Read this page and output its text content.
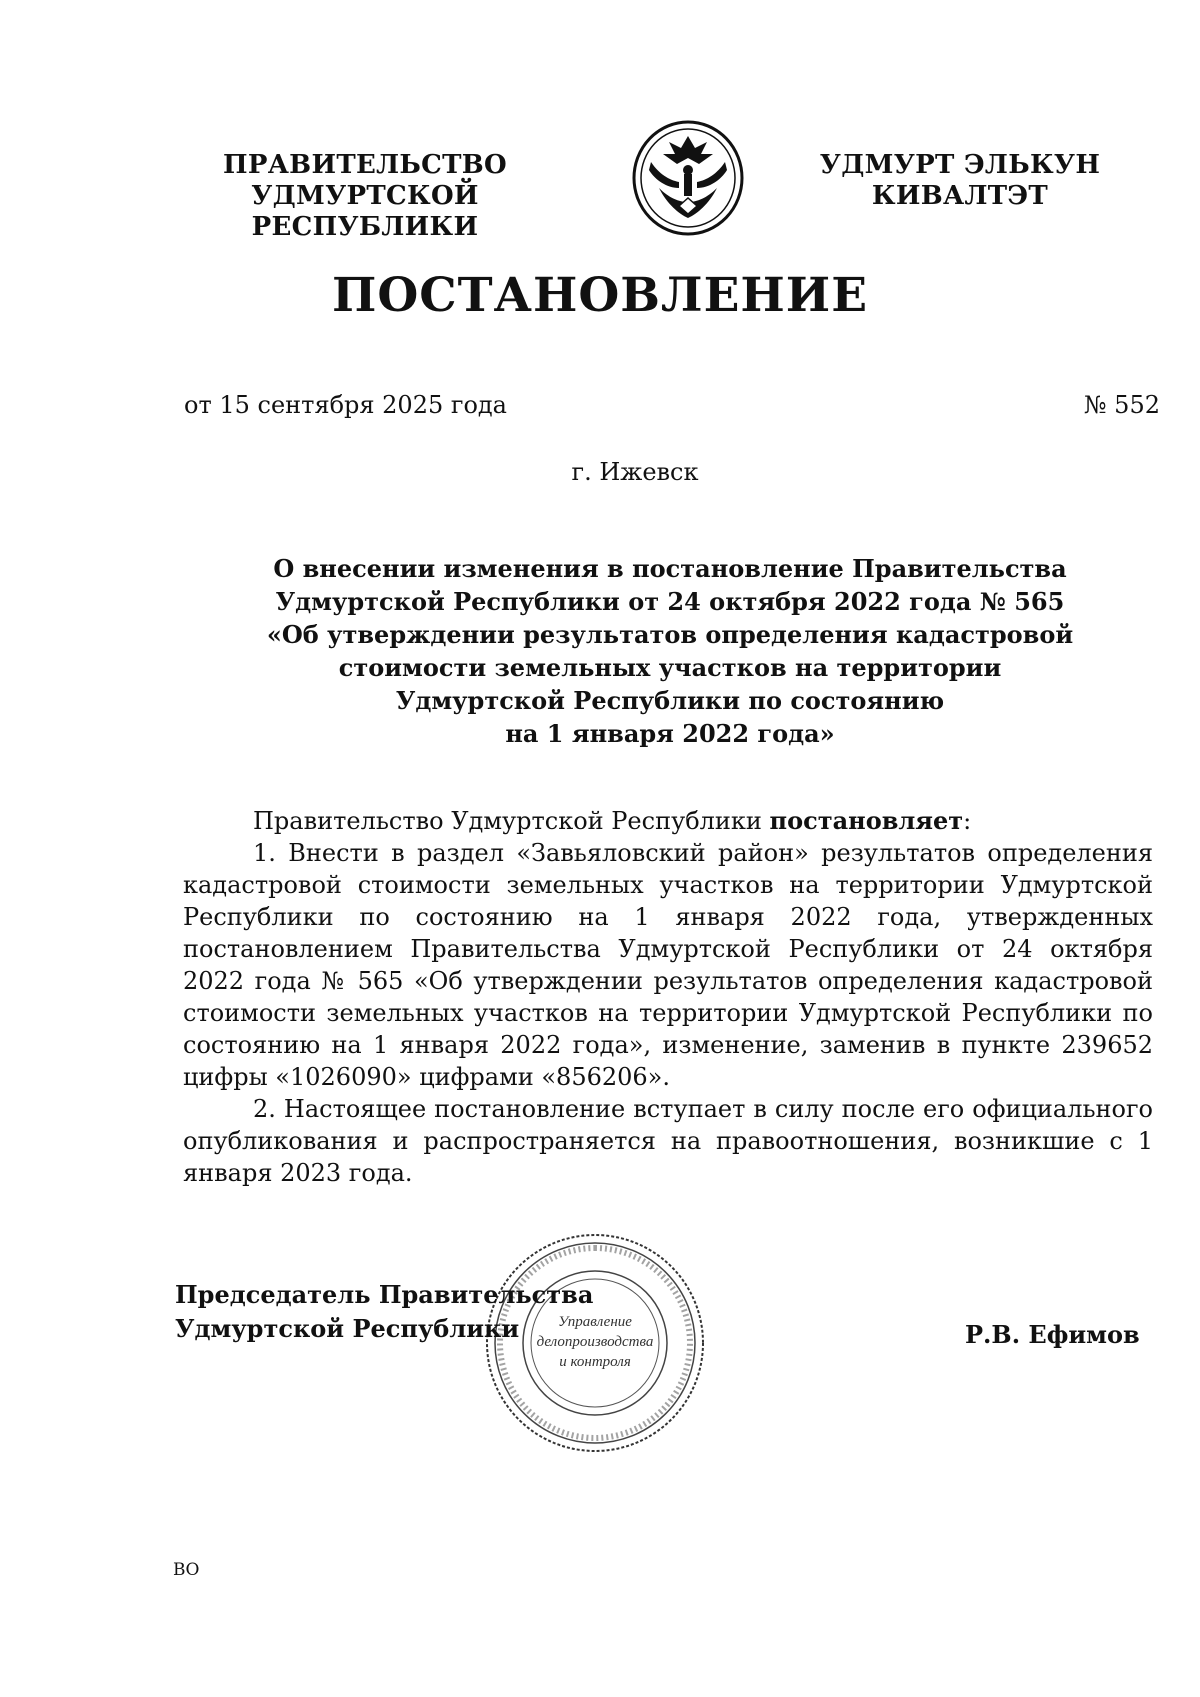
ПРАВИТЕЛЬСТВО
УДМУРТСКОЙ РЕСПУБЛИКИ
УДМУРТ ЭЛЬКУН
КИВАЛТЭТ
ПОСТАНОВЛЕНИЕ
от 15 сентября 2025 года	№ 552
г. Ижевск
О внесении изменения в постановление Правительства
Удмуртской Республики от 24 октября 2022 года № 565
«Об утверждении результатов определения кадастровой
стоимости земельных участков на территории
Удмуртской Республики по состоянию
на 1 января 2022 года»

Правительство Удмуртской Республики постановляет:

1. Внести в раздел «Завьяловский район» результатов определения кадастровой стоимости земельных участков на территории Удмуртской Республики по состоянию на 1 января 2022 года, утвержденных постановлением Правительства Удмуртской Республики от 24 октября 2022 года № 565 «Об утверждении результатов определения кадастровой стоимости земельных участков на территории Удмуртской Республики по состоянию на 1 января 2022 года», изменение, заменив в пункте 239652 цифры «1026090» цифрами «856206».

2. Настоящее постановление вступает в силу после его официального опубликования и распространяется на правоотношения, возникшие с 1 января 2023 года.

Управление
делопроизводства
и контроля
Председатель Правительства
Удмуртской Республики	Р.В. Ефимов
ВО
